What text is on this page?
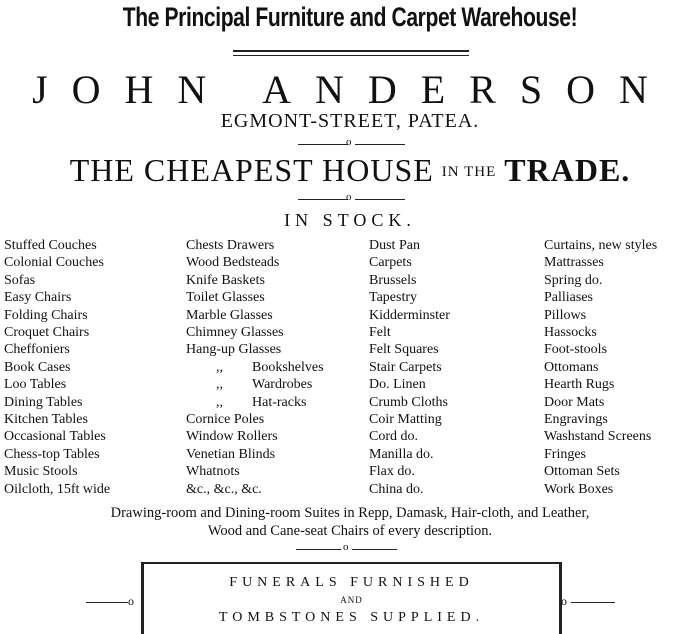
The Principal Furniture and Carpet Warehouse!
JOHN ANDERSON
EGMONT-STREET, PATEA.
o
THE CHEAPEST HOUSE IN THE TRADE.
o
IN STOCK.
Stuffed Couches
Colonial Couches
Sofas
Easy Chairs
Folding Chairs
Croquet Chairs
Cheffoniers
Book Cases
Loo Tables
Dining Tables
Kitchen Tables
Occasional Tables
Chess-top Tables
Music Stools
Oilcloth, 15ft wide
Chests Drawers
Wood Bedsteads
Knife Baskets
Toilet Glasses
Marble Glasses
Chimney Glasses
Hang-up Glasses
,, Bookshelves
,, Wardrobes
,, Hat-racks
Cornice Poles
Window Rollers
Venetian Blinds
Whatnots
&c., &c., &c.
Dust Pan
Carpets
Brussels
Tapestry
Kidderminster
Felt
Felt Squares
Stair Carpets
Do. Linen
Crumb Cloths
Coir Matting
Cord do.
Manilla do.
Flax do.
China do.
Curtains, new styles
Mattrasses
Spring do.
Palliases
Pillows
Hassocks
Foot-stools
Ottomans
Hearth Rugs
Door Mats
Engravings
Washstand Screens
Fringes
Ottoman Sets
Work Boxes
Drawing-room and Dining-room Suites in Repp, Damask, Hair-cloth, and Leather,
Wood and Cane-seat Chairs of every description.
o
FUNERALS FURNISHED
AND
TOMBSTONES SUPPLIED.
o	o
